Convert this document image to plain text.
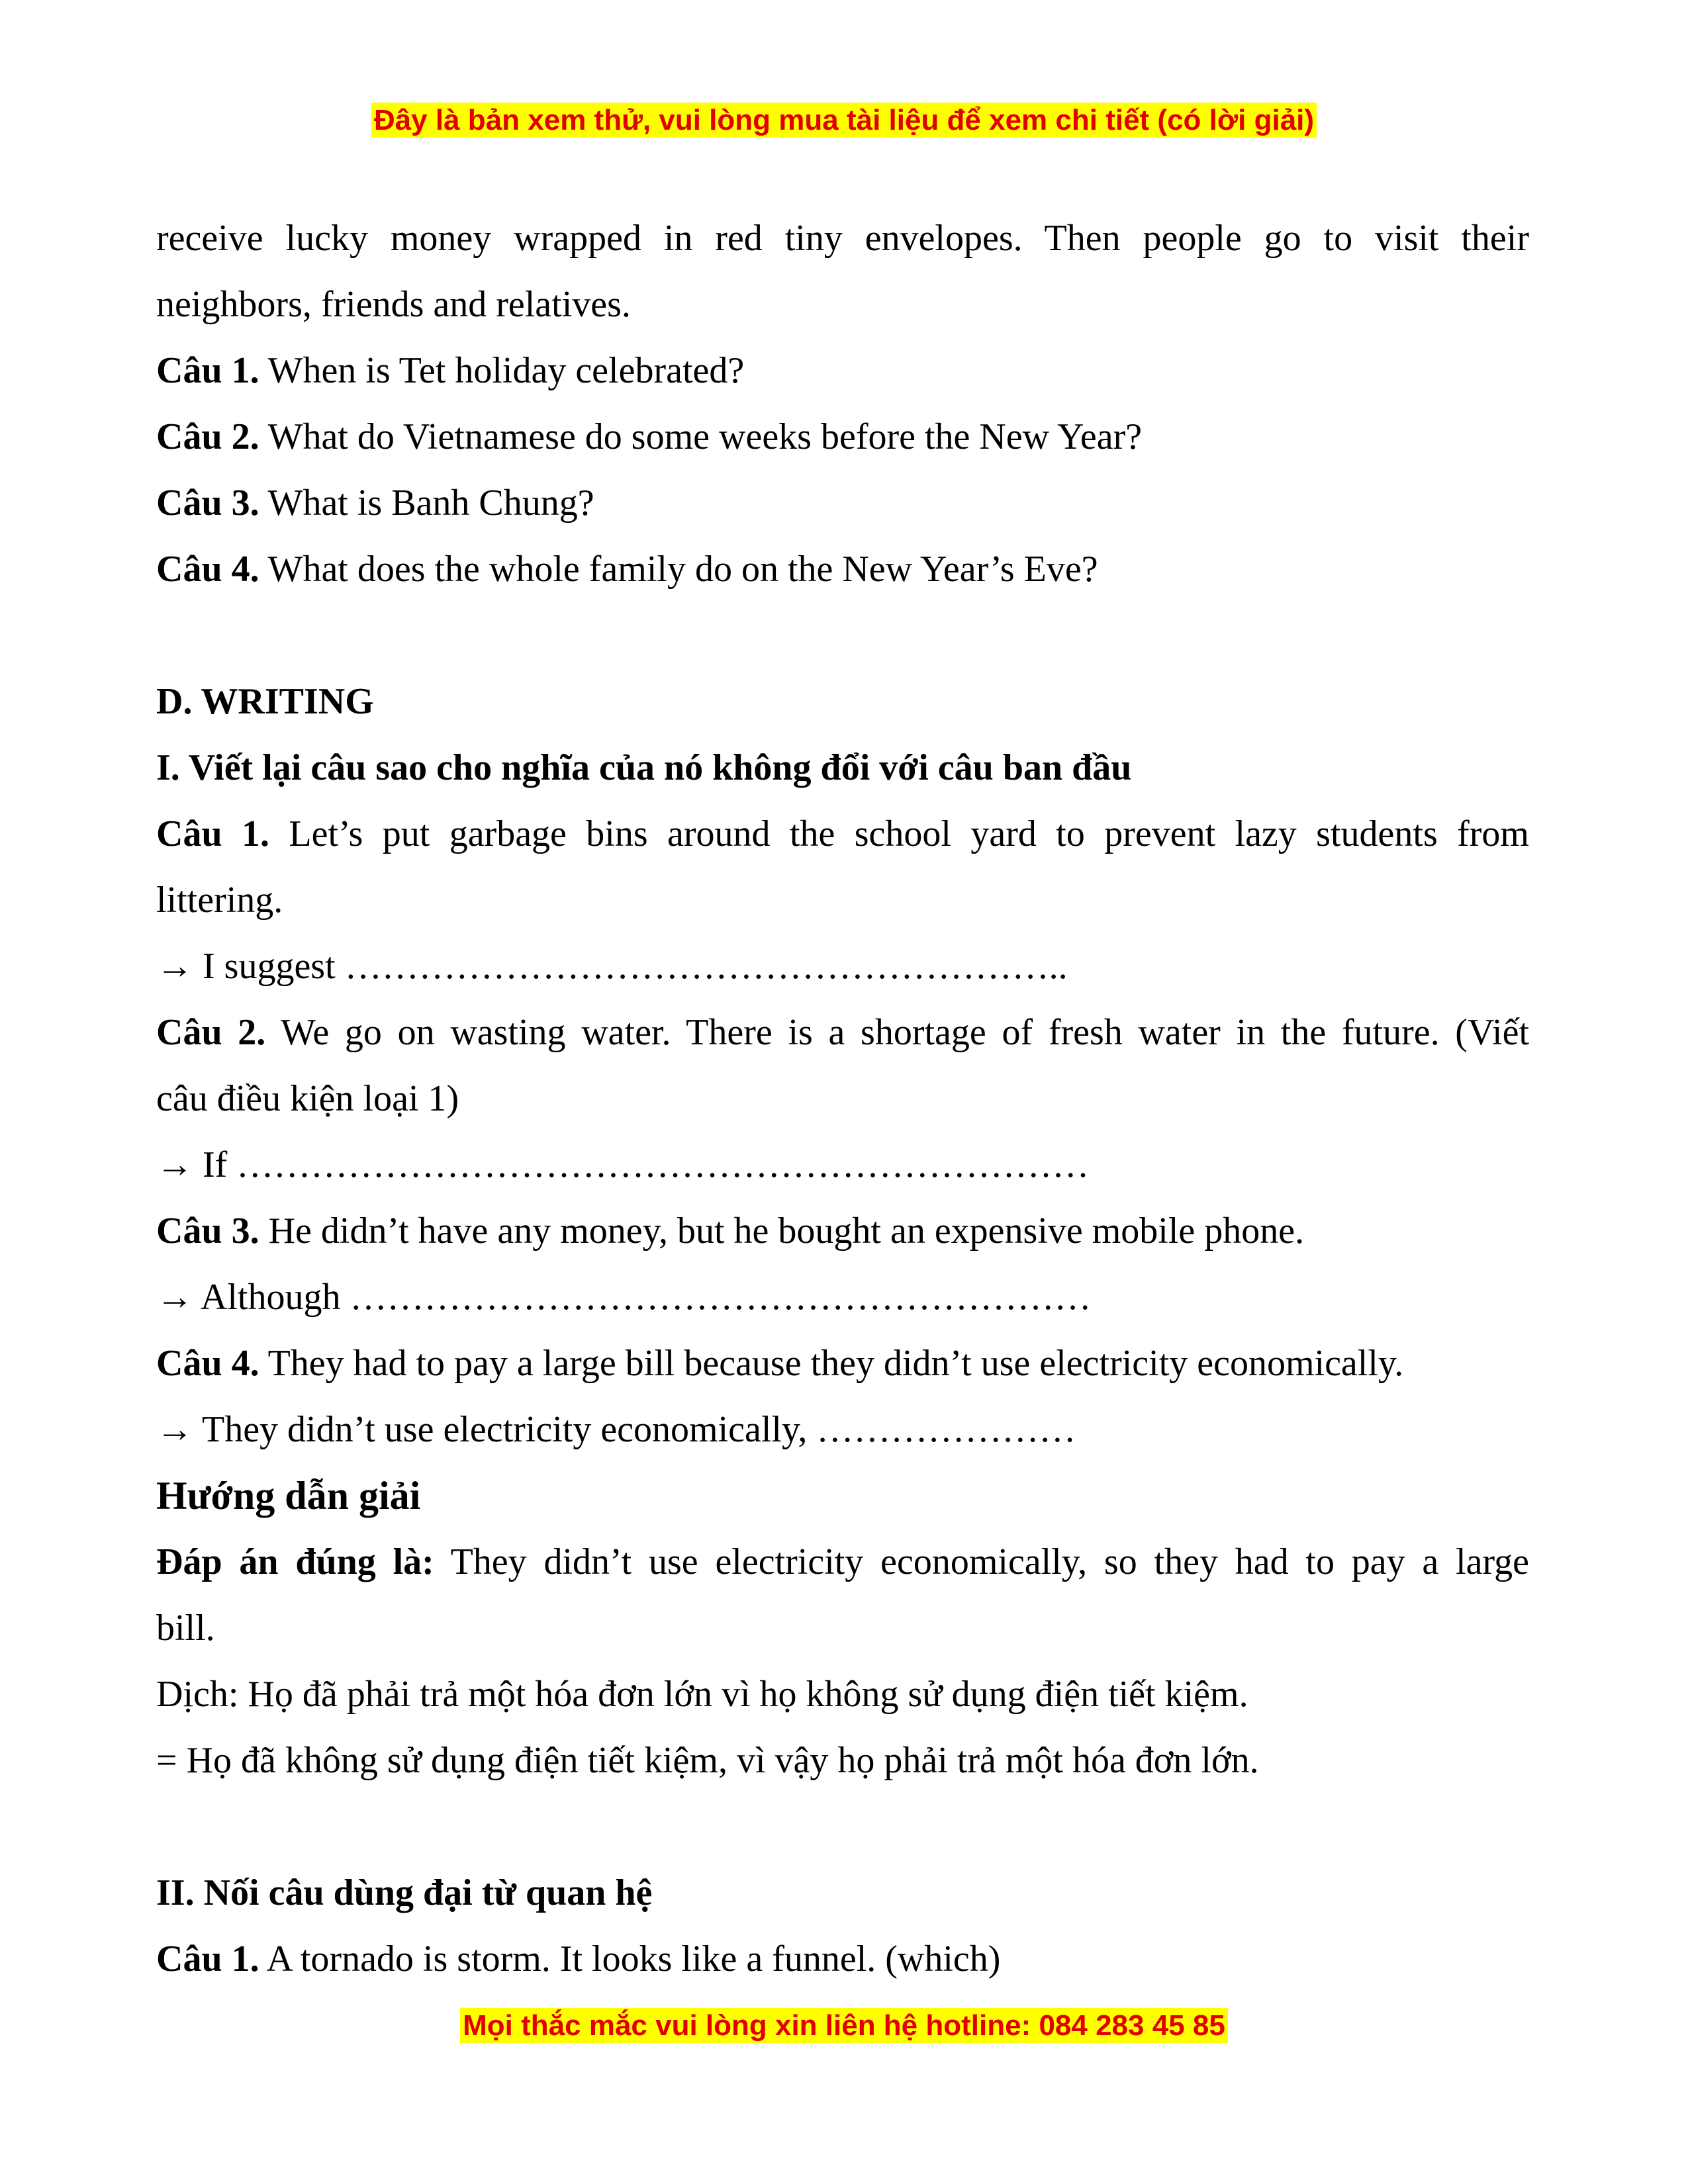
Đây là bản xem thử, vui lòng mua tài liệu để xem chi tiết (có lời giải)
receive lucky money wrapped in red tiny envelopes. Then people go to visit their
neighbors, friends and relatives.
Câu 1. When is Tet holiday celebrated?
Câu 2. What do Vietnamese do some weeks before the New Year?
Câu 3. What is Banh Chung?
Câu 4. What does the whole family do on the New Year’s Eve?
D. WRITING
I. Viết lại câu sao cho nghĩa của nó không đổi với câu ban đầu
Câu 1. Let’s put garbage bins around the school yard to prevent lazy students from
littering.
→ I suggest …………………………………………………..
Câu 2. We go on wasting water. There is a shortage of fresh water in the future. (Viết
câu điều kiện loại 1)
→ If ……………………………………………………………
Câu 3. He didn’t have any money, but he bought an expensive mobile phone.
→ Although ……………………………………………………
Câu 4. They had to pay a large bill because they didn’t use electricity economically.
→ They didn’t use electricity economically, …………………
Hướng dẫn giải
Đáp án đúng là: They didn’t use electricity economically, so they had to pay a large
bill.
Dịch: Họ đã phải trả một hóa đơn lớn vì họ không sử dụng điện tiết kiệm.
= Họ đã không sử dụng điện tiết kiệm, vì vậy họ phải trả một hóa đơn lớn.
II. Nối câu dùng đại từ quan hệ
Câu 1. A tornado is storm. It looks like a funnel. (which)
Mọi thắc mắc vui lòng xin liên hệ hotline: 084 283 45 85
